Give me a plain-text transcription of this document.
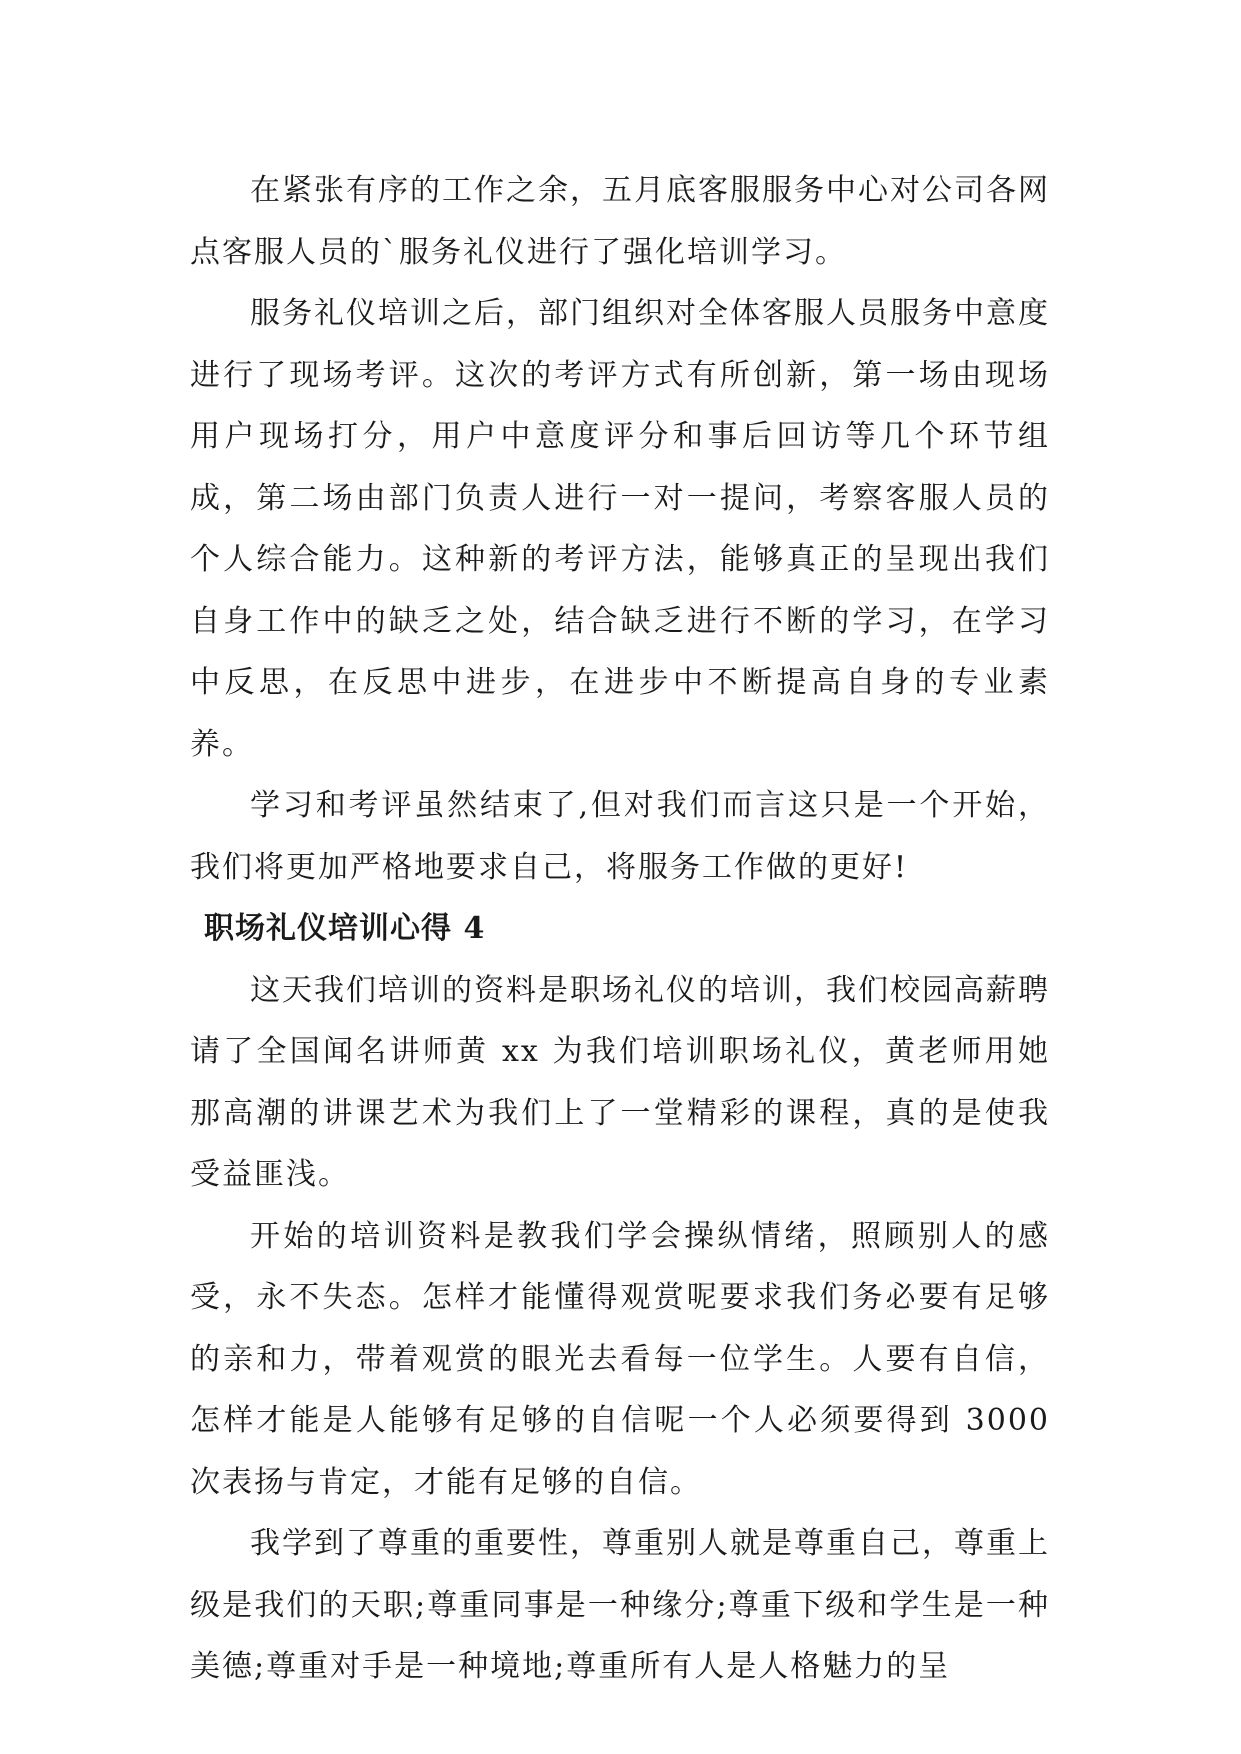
在紧张有序的工作之余，五月底客服服务中心对公司各网点客服人员的`服务礼仪进行了强化培训学习。

服务礼仪培训之后，部门组织对全体客服人员服务中意度进行了现场考评。这次的考评方式有所创新，第一场由现场用户现场打分，用户中意度评分和事后回访等几个环节组成，第二场由部门负责人进行一对一提问，考察客服人员的个人综合能力。这种新的考评方法，能够真正的呈现出我们自身工作中的缺乏之处，结合缺乏进行不断的学习，在学习中反思，在反思中进步，在进步中不断提高自身的专业素养。

学习和考评虽然结束了,但对我们而言这只是一个开始，我们将更加严格地要求自己，将服务工作做的更好!

职场礼仪培训心得 4

这天我们培训的资料是职场礼仪的培训，我们校园高薪聘请了全国闻名讲师黄 xx 为我们培训职场礼仪，黄老师用她那高潮的讲课艺术为我们上了一堂精彩的课程，真的是使我受益匪浅。

开始的培训资料是教我们学会操纵情绪，照顾别人的感受，永不失态。怎样才能懂得观赏呢要求我们务必要有足够的亲和力，带着观赏的眼光去看每一位学生。人要有自信，怎样才能是人能够有足够的自信呢一个人必须要得到 3000 次表扬与肯定，才能有足够的自信。

我学到了尊重的重要性，尊重别人就是尊重自己，尊重上级是我们的天职;尊重同事是一种缘分;尊重下级和学生是一种美德;尊重对手是一种境地;尊重所有人是人格魅力的呈
